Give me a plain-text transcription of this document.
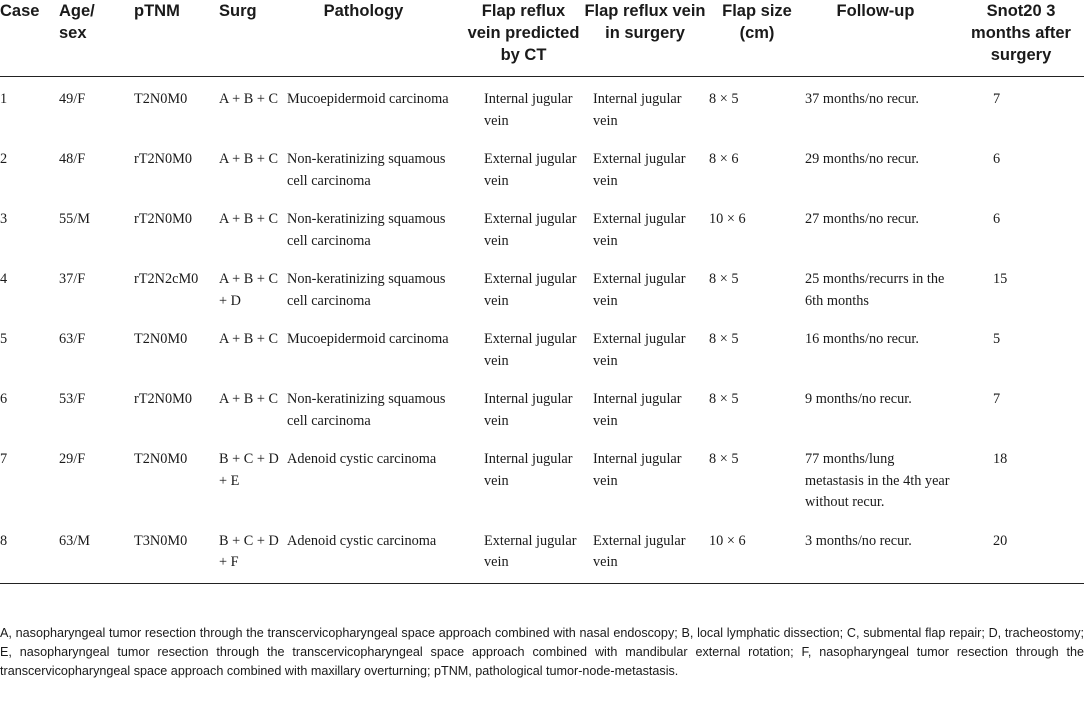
Case	Age/ sex	pTNM	Surg	Pathology	Flap reflux vein predicted by CT	Flap reflux vein in surgery	Flap size (cm)	Follow-up	Snot20 3 months after surgery
1	49/F	T2N0M0	A + B + C	Mucoepidermoid carcinoma	Internal jugular vein	Internal jugular vein	8 × 5	37 months/no recur.	7
2	48/F	rT2N0M0	A + B + C	Non-keratinizing squamous cell carcinoma	External jugular vein	External jugular vein	8 × 6	29 months/no recur.	6
3	55/M	rT2N0M0	A + B + C	Non-keratinizing squamous cell carcinoma	External jugular vein	External jugular vein	10 × 6	27 months/no recur.	6
4	37/F	rT2N2cM0	A + B + C + D	Non-keratinizing squamous cell carcinoma	External jugular vein	External jugular vein	8 × 5	25 months/recurrs in the 6th months	15
5	63/F	T2N0M0	A + B + C	Mucoepidermoid carcinoma	External jugular vein	External jugular vein	8 × 5	16 months/no recur.	5
6	53/F	rT2N0M0	A + B + C	Non-keratinizing squamous cell carcinoma	Internal jugular vein	Internal jugular vein	8 × 5	9 months/no recur.	7
7	29/F	T2N0M0	B + C + D + E	Adenoid cystic carcinoma	Internal jugular vein	Internal jugular vein	8 × 5	77 months/lung metastasis in the 4th year without recur.	18
8	63/M	T3N0M0	B + C + D + F	Adenoid cystic carcinoma	External jugular vein	External jugular vein	10 × 6	3 months/no recur.	20
A, nasopharyngeal tumor resection through the transcervicopharyngeal space approach combined with nasal endoscopy; B, local lymphatic dissection; C, submental flap repair; D, tracheostomy; E, nasopharyngeal tumor resection through the transcervicopharyngeal space approach combined with mandibular external rotation; F, nasopharyngeal tumor resection through the transcervicopharyngeal space approach combined with maxillary overturning; pTNM, pathological tumor-node-metastasis.
